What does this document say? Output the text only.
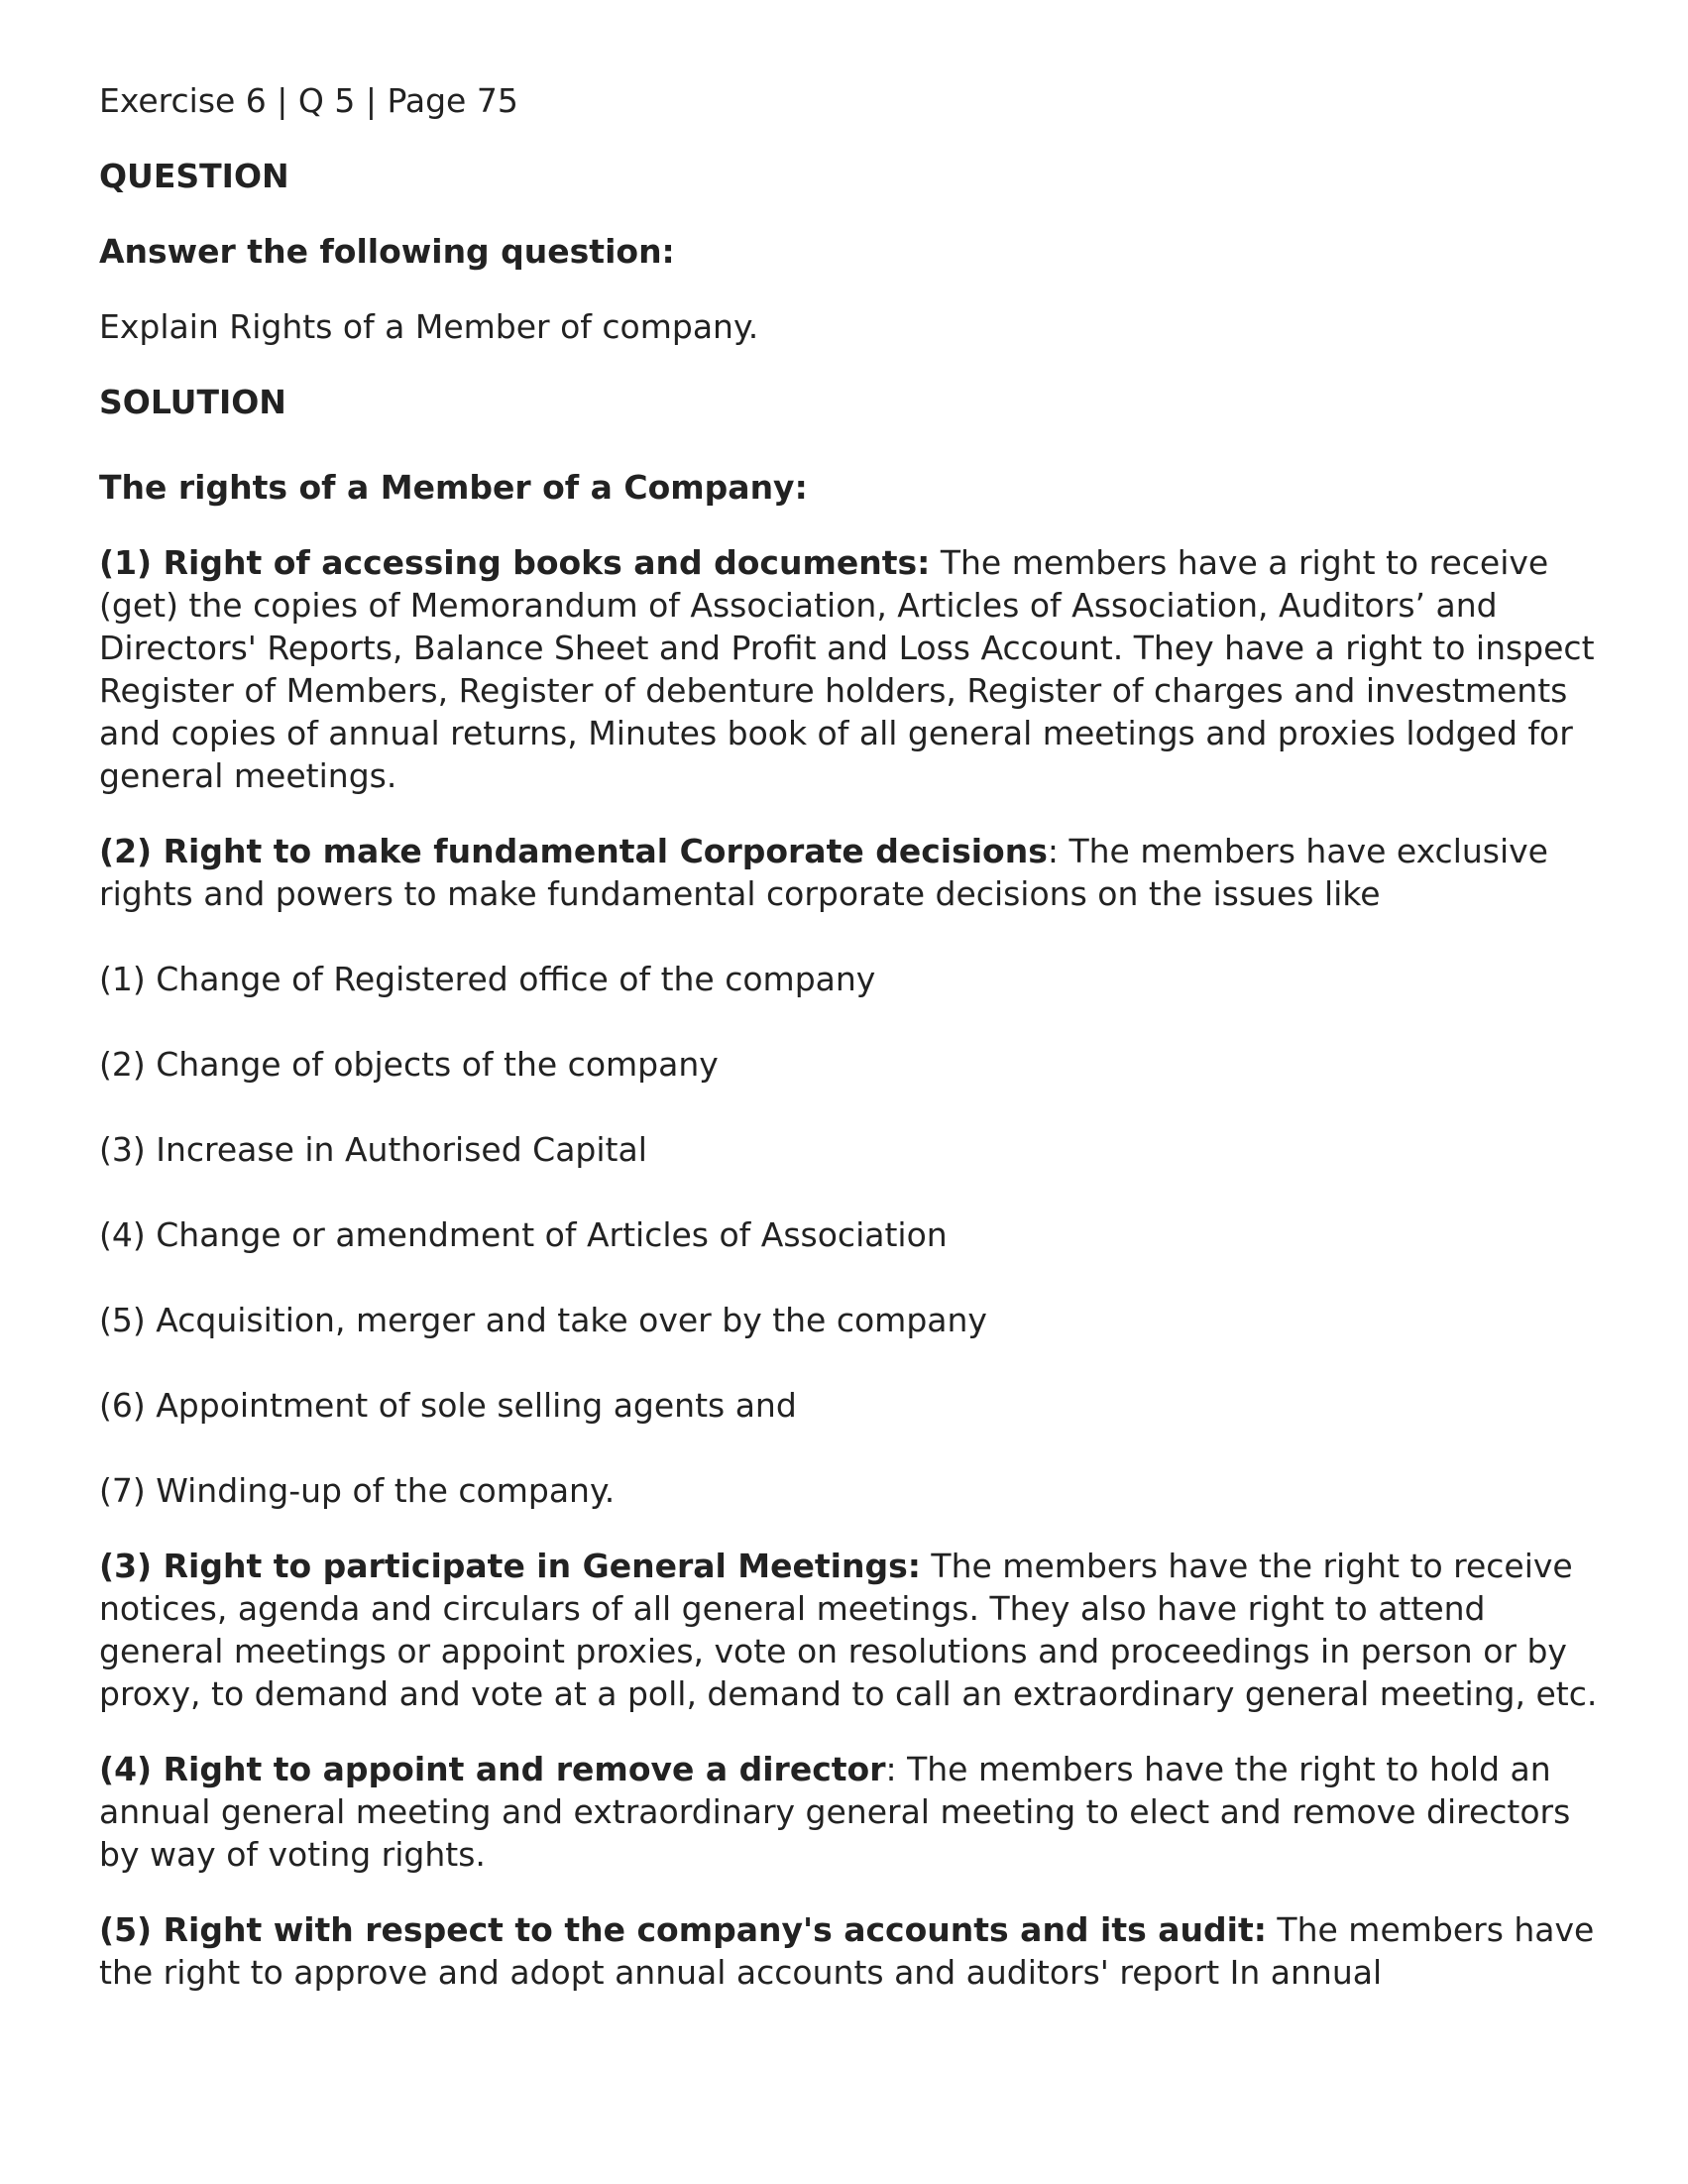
Exercise 6 | Q 5 | Page 75

QUESTION

Answer the following question:

Explain Rights of a Member of company.

SOLUTION

The rights of a Member of a Company:

(1) Right of accessing books and documents: The members have a right to receive (get) the copies of Memorandum of Association, Articles of Association, Auditors’ and Directors' Reports, Balance Sheet and Profit and Loss Account. They have a right to inspect Register of Members, Register of debenture holders, Register of charges and investments and copies of annual returns, Minutes book of all general meetings and proxies lodged for general meetings.

(2) Right to make fundamental Corporate decisions: The members have exclusive rights and powers to make fundamental corporate decisions on the issues like

(1) Change of Registered office of the company
(2) Change of objects of the company
(3) Increase in Authorised Capital
(4) Change or amendment of Articles of Association
(5) Acquisition, merger and take over by the company
(6) Appointment of sole selling agents and
(7) Winding-up of the company.

(3) Right to participate in General Meetings: The members have the right to receive notices, agenda and circulars of all general meetings. They also have right to attend general meetings or appoint proxies, vote on resolutions and proceedings in person or by proxy, to demand and vote at a poll, demand to call an extraordinary general meeting, etc.

(4) Right to appoint and remove a director: The members have the right to hold an annual general meeting and extraordinary general meeting to elect and remove directors by way of voting rights.

(5) Right with respect to the company's accounts and its audit: The members have the right to approve and adopt annual accounts and auditors' report In annual
